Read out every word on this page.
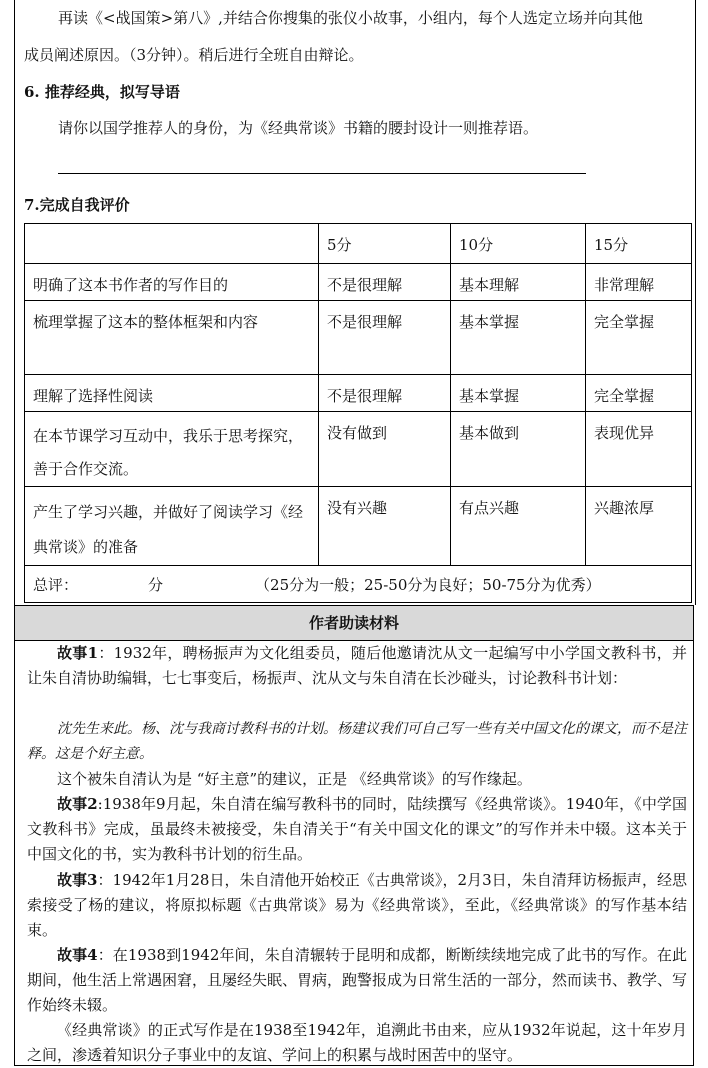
再读《<战国策>第八》,并结合你搜集的张仪小故事，小组内，每个人选定立场并向其他
成员阐述原因。（3分钟）。稍后进行全班自由辩论。
6. 推荐经典，拟写导语
请你以国学推荐人的身份，为《经典常谈》书籍的腰封设计一则推荐语。
7.完成自我评价
	5分	10分	15分
明确了这本书作者的写作目的	不是很理解	基本理解	非常理解
梳理掌握了这本的整体框架和内容	不是很理解	基本掌握	完全掌握
理解了选择性阅读	不是很理解	基本掌握	完全掌握
在本节课学习互动中，我乐于思考探究，善于合作交流。	没有做到	基本做到	表现优异
产生了学习兴趣，并做好了阅读学习《经典常谈》的准备	没有兴趣	有点兴趣	兴趣浓厚
总评： 分 （25分为一般；25-50分为良好；50-75分为优秀）			
作者助读材料
故事1：1932年，聘杨振声为文化组委员，随后他邀请沈从文一起编写中小学国文教科书，并让朱自清协助编辑，七七事变后，杨振声、沈从文与朱自清在长沙碰头，讨论教科书计划：
沈先生来此。杨、沈与我商讨教科书的计划。杨建议我们可自己写一些有关中国文化的课文，而不是注释。这是个好主意。
这个被朱自清认为是 “好主意”的建议，正是 《经典常谈》的写作缘起。
故事2:1938年9月起，朱自清在编写教科书的同时，陆续撰写《经典常谈》。1940年，《中学国文教科书》完成，虽最终未被接受，朱自清关于“有关中国文化的课文”的写作并未中辍。这本关于中国文化的书，实为教科书计划的衍生品。
故事3：1942年1月28日，朱自清他开始校正《古典常谈》，2月3日，朱自清拜访杨振声，经思索接受了杨的建议，将原拟标题《古典常谈》易为《经典常谈》，至此，《经典常谈》的写作基本结束。
故事4：在1938到1942年间，朱自清辗转于昆明和成都，断断续续地完成了此书的写作。在此期间，他生活上常遇困窘，且屡经失眠、胃病，跑警报成为日常生活的一部分，然而读书、教学、写作始终未辍。
《经典常谈》的正式写作是在1938至1942年，追溯此书由来，应从1932年说起，这十年岁月之间，渗透着知识分子事业中的友谊、学问上的积累与战时困苦中的坚守。
